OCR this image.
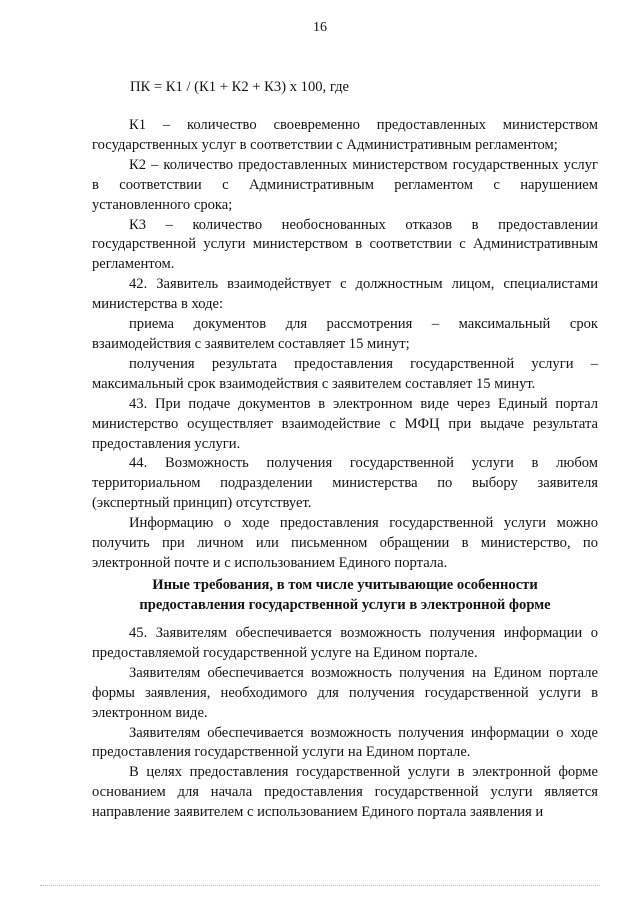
16
ПК = К1 / (К1 + К2 + К3) х 100, где

К1 – количество своевременно предоставленных министерством государственных услуг в соответствии с Административным регламентом;

К2 – количество предоставленных министерством государственных услуг в соответствии с Административным регламентом с нарушением установленного срока;

К3 – количество необоснованных отказов в предоставлении государственной услуги министерством в соответствии с Административным регламентом.

42. Заявитель взаимодействует с должностным лицом, специалистами министерства в ходе:

приема документов для рассмотрения – максимальный срок взаимодействия с заявителем составляет 15 минут;

получения результата предоставления государственной услуги – максимальный срок взаимодействия с заявителем составляет 15 минут.

43. При подаче документов в электронном виде через Единый портал министерство осуществляет взаимодействие с МФЦ при выдаче результата предоставления услуги.

44. Возможность получения государственной услуги в любом территориальном подразделении министерства по выбору заявителя (экспертный принцип) отсутствует.

Информацию о ходе предоставления государственной услуги можно получить при личном или письменном обращении в министерство, по электронной почте и с использованием Единого портала.

Иные требования, в том числе учитывающие особенности
предоставления государственной услуги в электронной форме

45. Заявителям обеспечивается возможность получения информации о предоставляемой государственной услуге на Едином портале.

Заявителям обеспечивается возможность получения на Едином портале формы заявления, необходимого для получения государственной услуги в электронном виде.

Заявителям обеспечивается возможность получения информации о ходе предоставления государственной услуги на Едином портале.

В целях предоставления государственной услуги в электронной форме основанием для начала предоставления государственной услуги является направление заявителем с использованием Единого портала заявления и
